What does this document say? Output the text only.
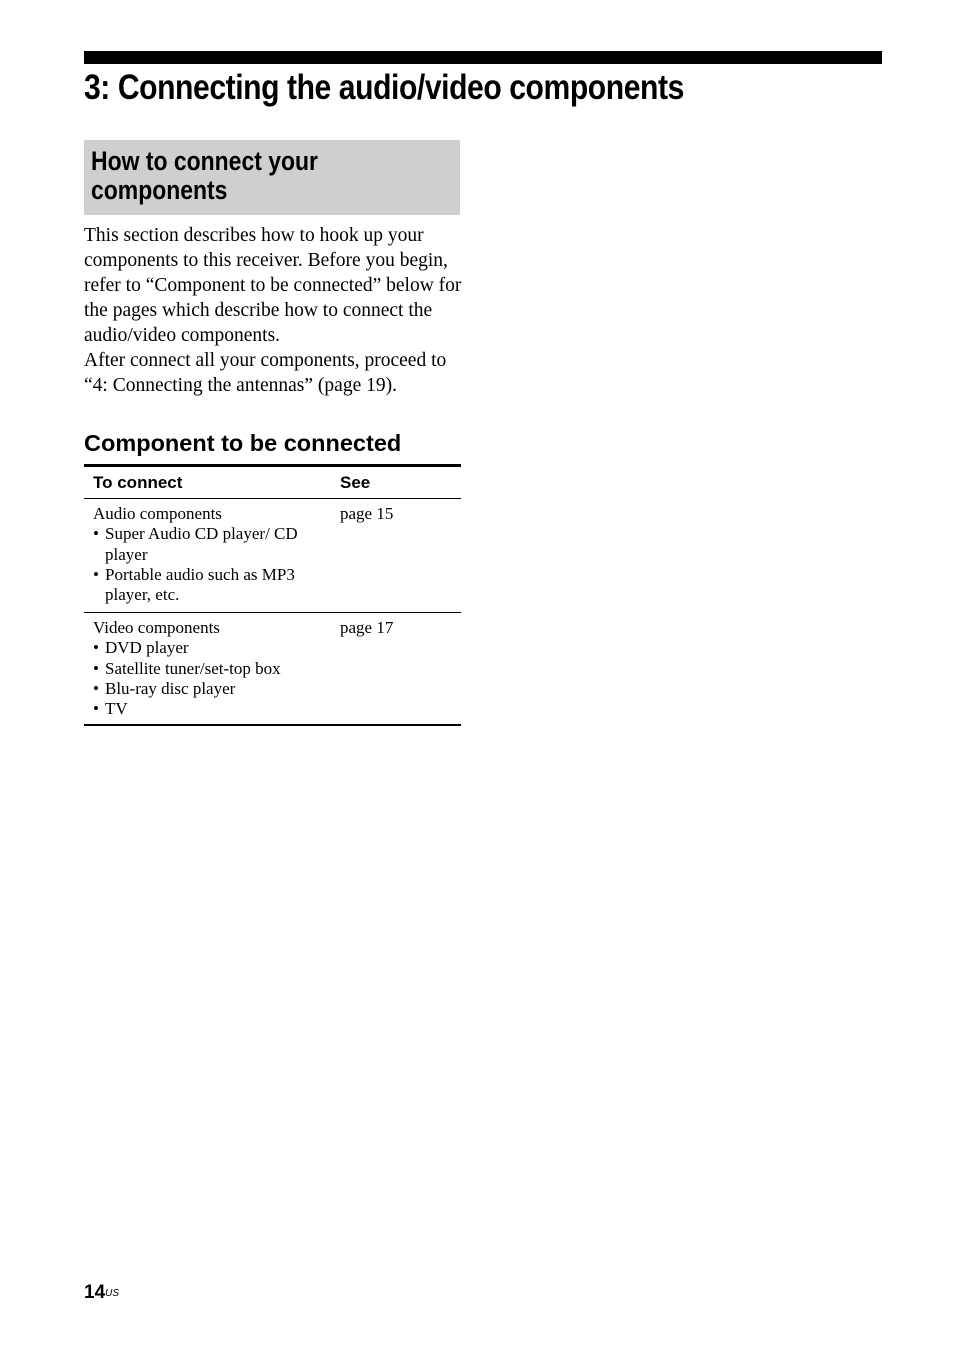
3: Connecting the audio/video components
How to connect your components

This section describes how to hook up your components to this receiver. Before you begin, refer to “Component to be connected” below for the pages which describe how to connect the audio/video components.

After connect all your components, proceed to “4: Connecting the antennas” (page 19).

Component to be connected
To connect	See
Audio components
• Super Audio CD player/ CD player
• Portable audio such as MP3 player, etc.
page 15
Video components
• DVD player
• Satellite tuner/set-top box
• Blu-ray disc player
• TV
page 17
$14^{US}$
